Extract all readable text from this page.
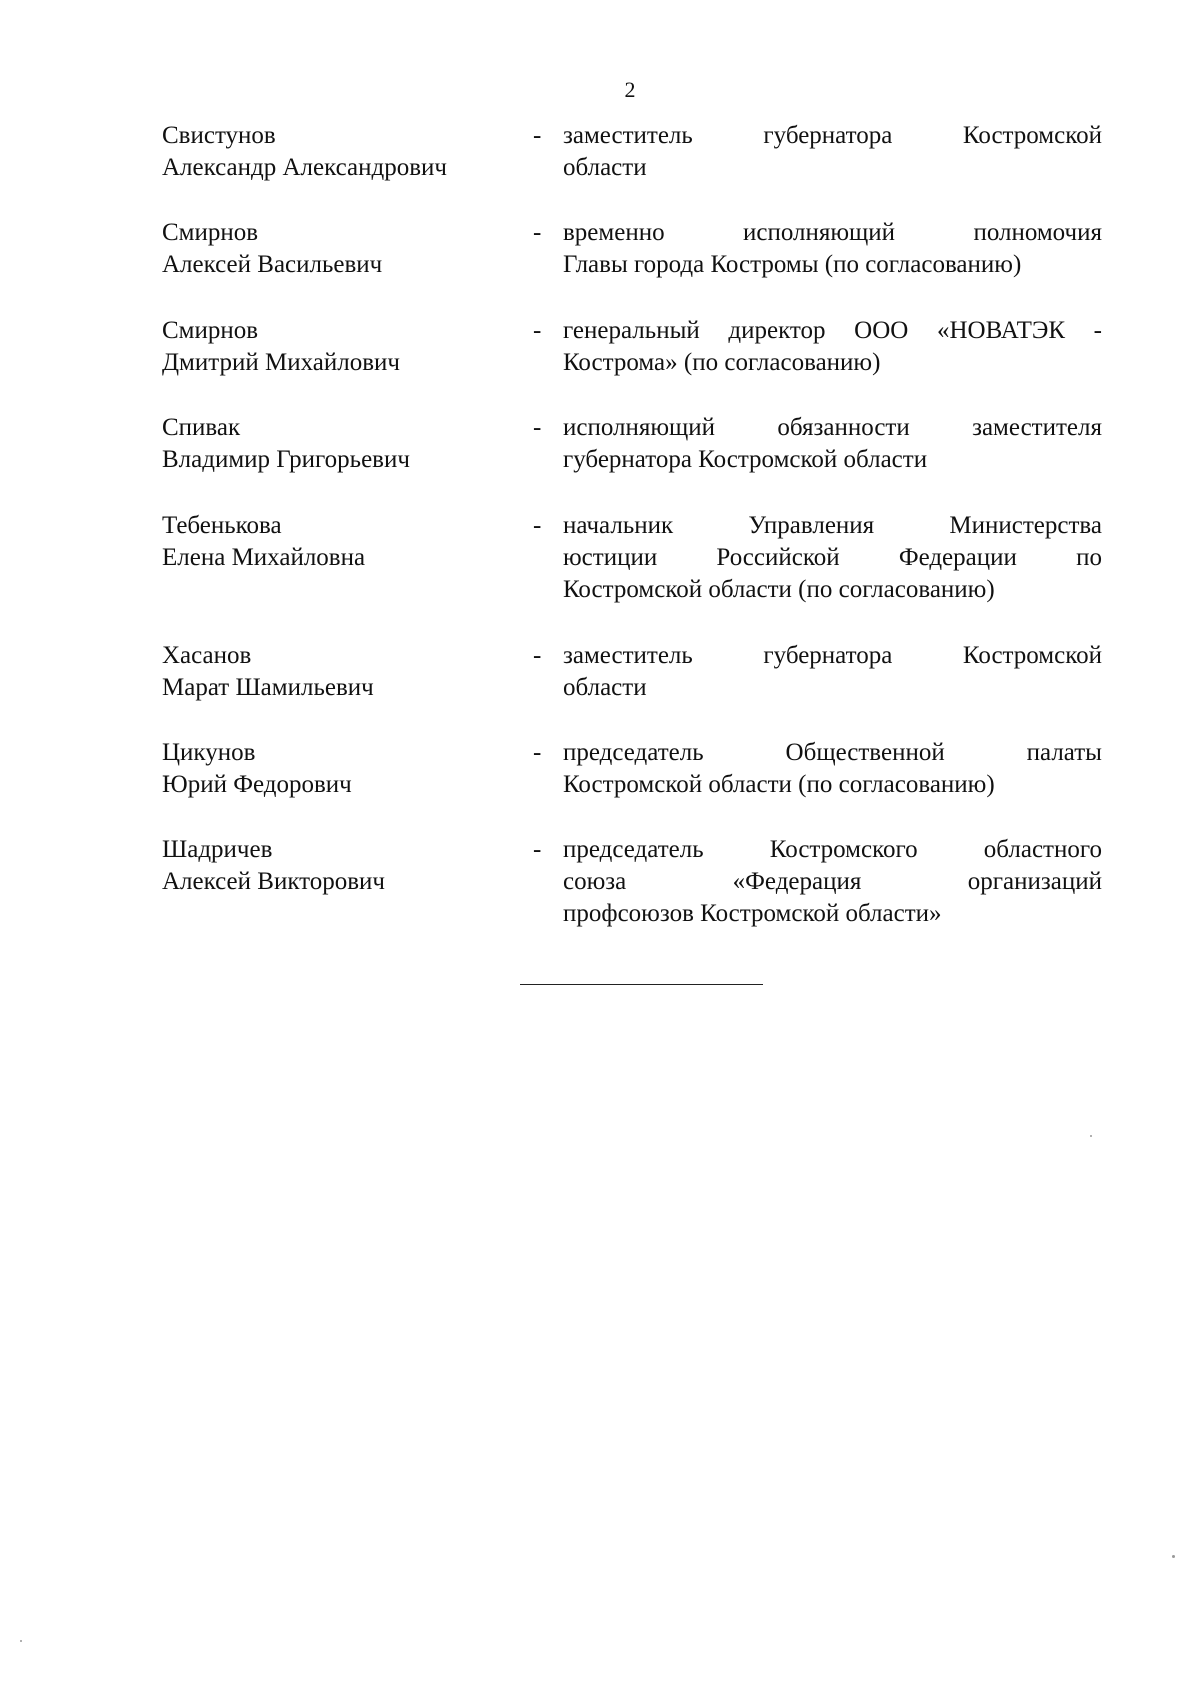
2
Свистунов
Александр Александрович
- заместитель	губернатора	Костромской
области
Смирнов
Алексей Васильевич
- временно	исполняющий	полномочия
Главы города Костромы (по согласованию)
Смирнов
Дмитрий Михайлович
- генеральный директор ООО «НОВАТЭК -
Кострома» (по согласованию)
Спивак
Владимир Григорьевич
- исполняющий обязанности заместителя
губернатора Костромской области
Тебенькова
Елена Михайловна
- начальник	Управления	Министерства
юстиции Российской Федерации по
Костромской области (по согласованию)
Хасанов
Марат Шамильевич
- заместитель	губернатора	Костромской
области
Цикунов
Юрий Федорович
- председатель	Общественной	палаты
Костромской области (по согласованию)
Шадричев
Алексей Викторович
- председатель	Костромского	областного
союза	«Федерация	организаций
профсоюзов Костромской области»
